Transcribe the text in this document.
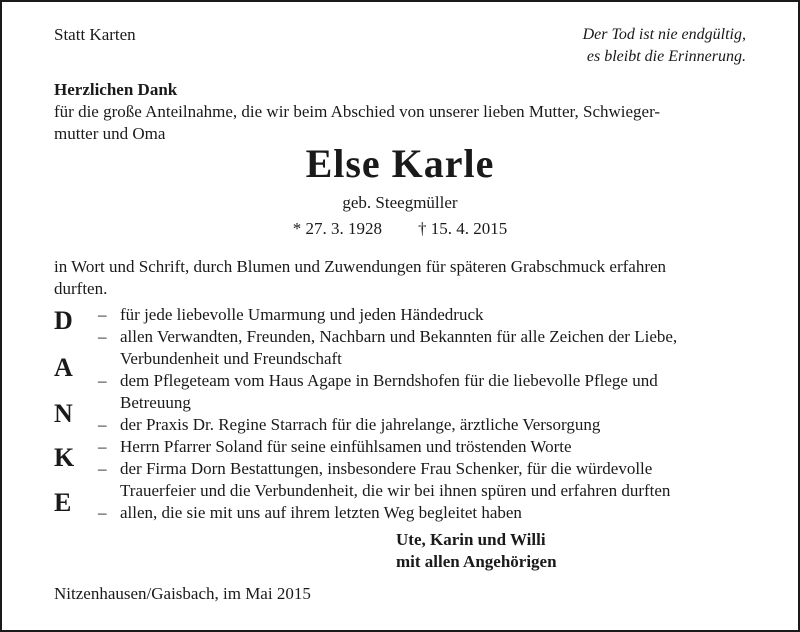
Statt Karten	Der Tod ist nie endgültig,
es bleibt die Erinnerung.
Herzlichen Dank
für die große Anteilnahme, die wir beim Abschied von unserer lieben Mutter, Schwieger-
mutter und Oma
Else Karle
geb. Steegmüller
* 27. 3. 1928 † 15. 4. 2015
in Wort und Schrift, durch Blumen und Zuwendungen für späteren Grabschmuck erfahren
durften.
D
A
N
K
E
– für jede liebevolle Umarmung und jeden Händedruck
– allen Verwandten, Freunden, Nachbarn und Bekannten für alle Zeichen der Liebe,
Verbundenheit und Freundschaft
– dem Pflegeteam vom Haus Agape in Berndshofen für die liebevolle Pflege und
Betreuung
– der Praxis Dr. Regine Starrach für die jahrelange, ärztliche Versorgung
– Herrn Pfarrer Soland für seine einfühlsamen und tröstenden Worte
– der Firma Dorn Bestattungen, insbesondere Frau Schenker, für die würdevolle
Trauerfeier und die Verbundenheit, die wir bei ihnen spüren und erfahren durften
– allen, die sie mit uns auf ihrem letzten Weg begleitet haben
Ute, Karin und Willi
mit allen Angehörigen
Nitzenhausen/Gaisbach, im Mai 2015
